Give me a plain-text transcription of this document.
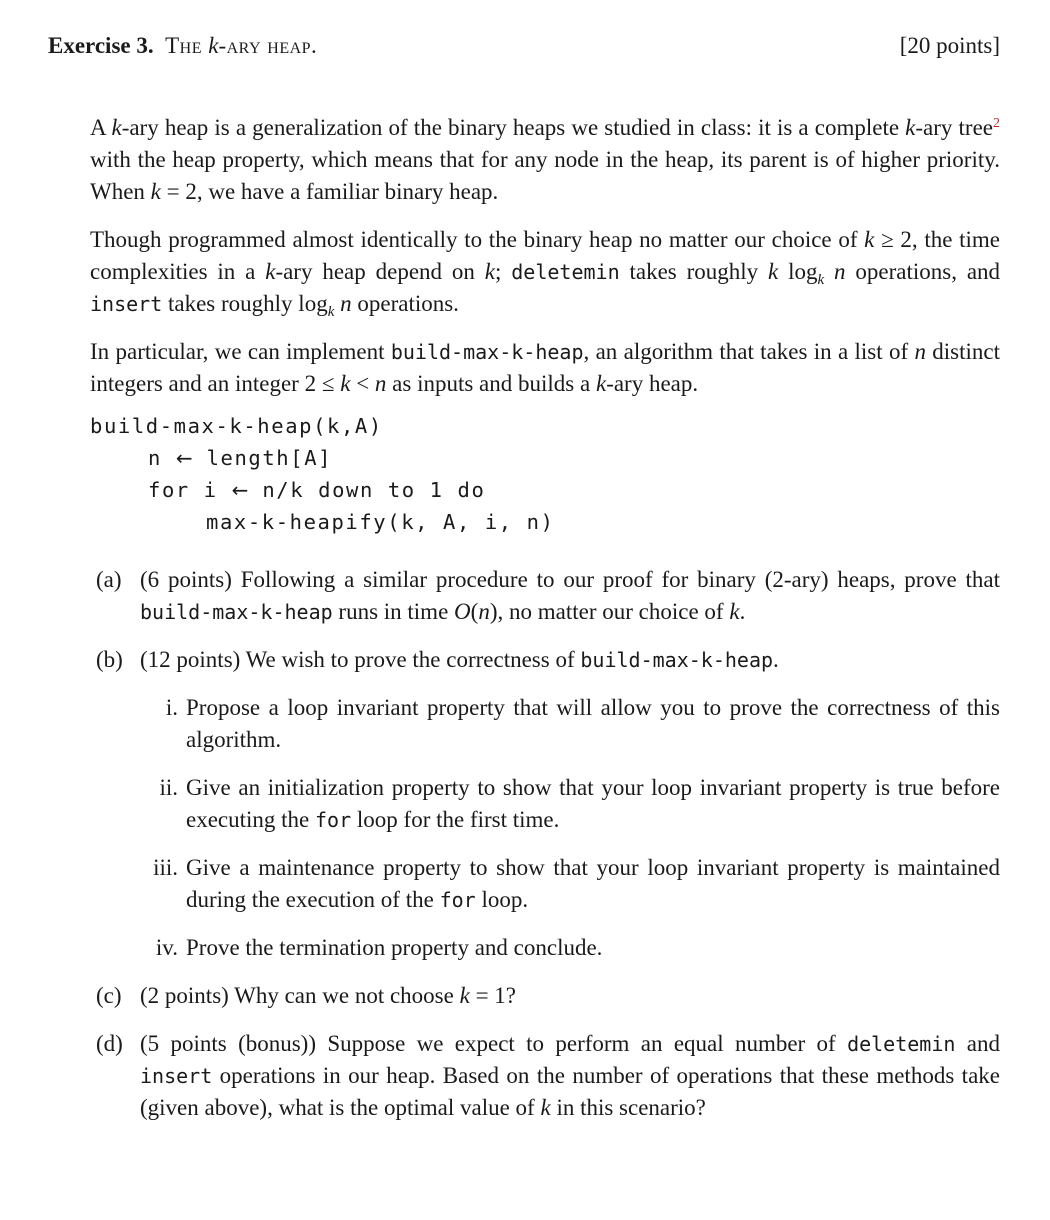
Exercise 3. The k-ary heap.	[20 points]

A k-ary heap is a generalization of the binary heaps we studied in class: it is a complete k-ary tree$^2$ with the heap property, which means that for any node in the heap, its parent is of higher priority. When k = 2, we have a familiar binary heap.

Though programmed almost identically to the binary heap no matter our choice of k ≥ 2, the time complexities in a k-ary heap depend on k; deletemin takes roughly k $\log_k n$ operations, and insert takes roughly $\log_k n$ operations.

In particular, we can implement build-max-k-heap, an algorithm that takes in a list of n distinct integers and an integer 2 ≤ k < n as inputs and builds a k-ary heap.

build-max-k-heap(k,A)
n ← length[A]
for i ← n/k down to 1 do
max-k-heapify(k, A, i, n)
(a) (6 points) Following a similar procedure to our proof for binary (2-ary) heaps, prove that build-max-k-heap runs in time O(n), no matter our choice of k.
(b) (12 points) We wish to prove the correctness of build-max-k-heap.
i. Propose a loop invariant property that will allow you to prove the correctness of this algorithm.
ii. Give an initialization property to show that your loop invariant property is true before executing the for loop for the first time.
iii. Give a maintenance property to show that your loop invariant property is maintained during the execution of the for loop.
iv. Prove the termination property and conclude.
(c) (2 points) Why can we not choose k = 1?
(d) (5 points (bonus)) Suppose we expect to perform an equal number of deletemin and insert operations in our heap. Based on the number of operations that these methods take (given above), what is the optimal value of k in this scenario?
